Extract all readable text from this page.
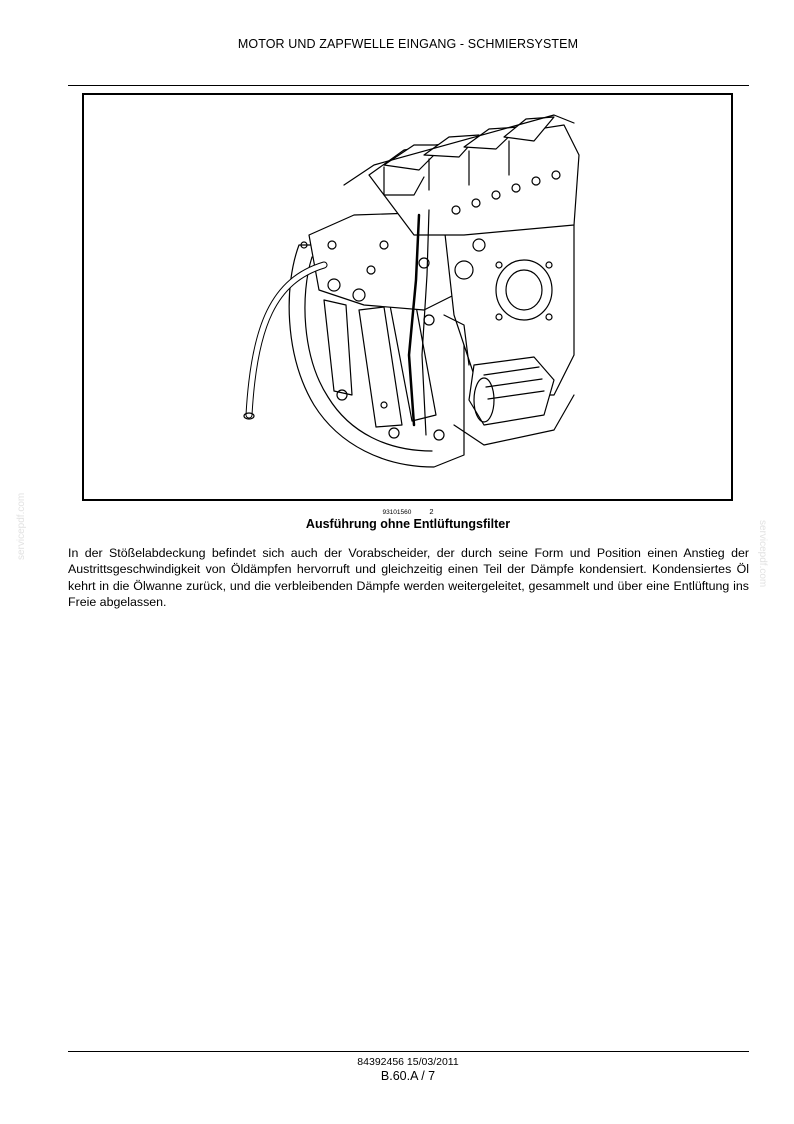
MOTOR UND ZAPFWELLE EINGANG - SCHMIERSYSTEM
93101560 2
Ausführung ohne Entlüftungsfilter

In der Stößelabdeckung befindet sich auch der Vorabscheider, der durch seine Form und Position einen Anstieg der Austrittsgeschwindigkeit von Öldämpfen hervorruft und gleichzeitig einen Teil der Dämpfe kondensiert. Kondensiertes Öl kehrt in die Ölwanne zurück, und die verbleibenden Dämpfe werden weitergeleitet, gesammelt und über eine Entlüftung ins Freie abgelassen.

84392456 15/03/2011
B.60.A / 7
servicepdf.com	servicepdf.com
